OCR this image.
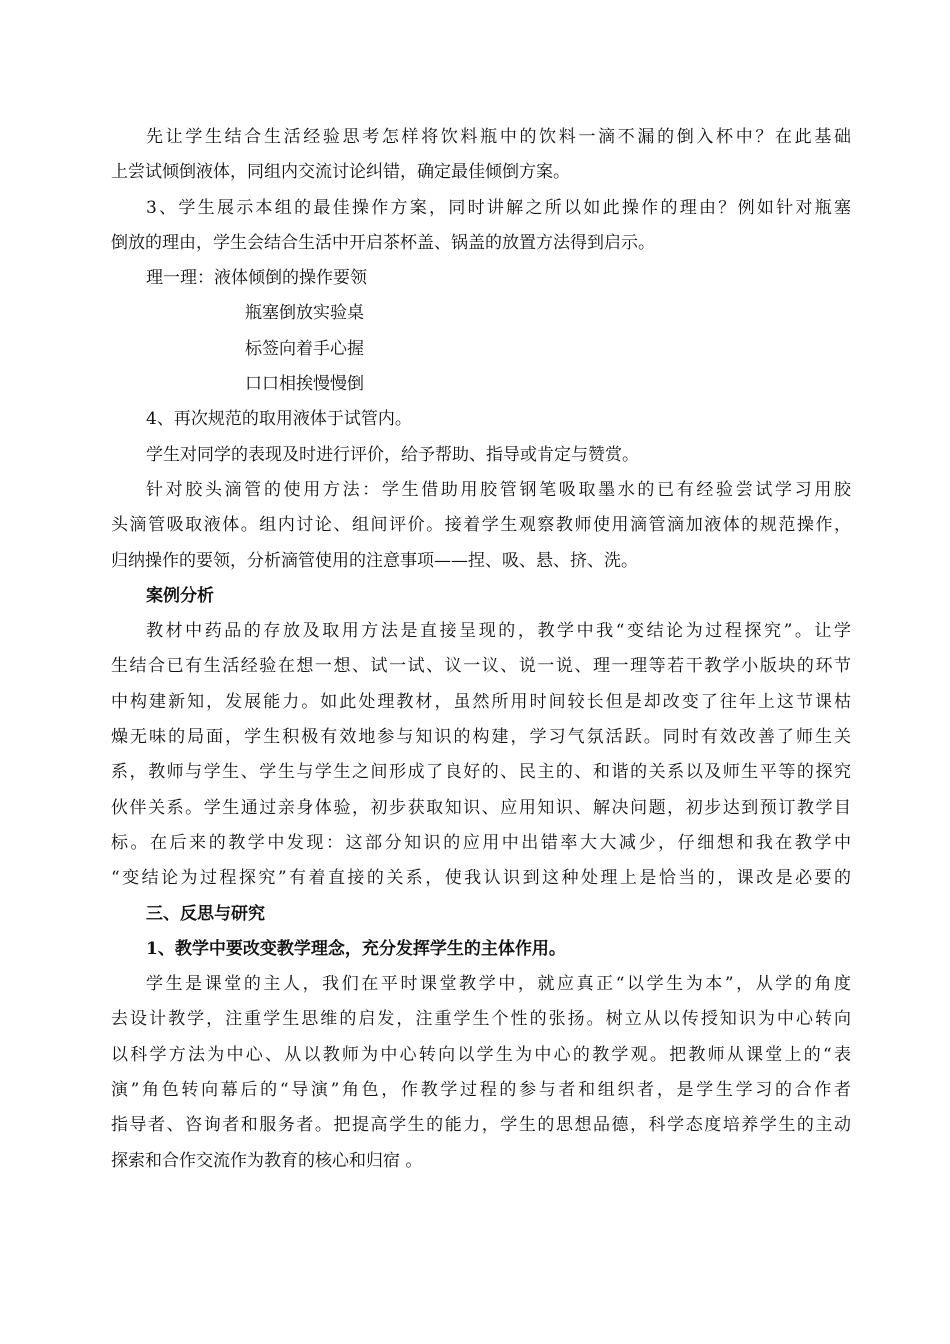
先让学生结合生活经验思考怎样将饮料瓶中的饮料一滴不漏的倒入杯中？在此基础
上尝试倾倒液体，同组内交流讨论纠错，确定最佳倾倒方案。
3、学生展示本组的最佳操作方案，同时讲解之所以如此操作的理由？例如针对瓶塞
倒放的理由，学生会结合生活中开启茶杯盖、锅盖的放置方法得到启示。
理一理：液体倾倒的操作要领
瓶塞倒放实验桌
标签向着手心握
口口相挨慢慢倒
4、再次规范的取用液体于试管内。
学生对同学的表现及时进行评价，给予帮助、指导或肯定与赞赏。
针对胶头滴管的使用方法：学生借助用胶管钢笔吸取墨水的已有经验尝试学习用胶
头滴管吸取液体。组内讨论、组间评价。接着学生观察教师使用滴管滴加液体的规范操作，
归纳操作的要领，分析滴管使用的注意事项——捏、吸、悬、挤、洗。
案例分析
教材中药品的存放及取用方法是直接呈现的，教学中我“变结论为过程探究”。让学
生结合已有生活经验在想一想、试一试、议一议、说一说、理一理等若干教学小版块的环节
中构建新知，发展能力。如此处理教材，虽然所用时间较长但是却改变了往年上这节课枯
燥无味的局面，学生积极有效地参与知识的构建，学习气氛活跃。同时有效改善了师生关
系，教师与学生、学生与学生之间形成了良好的、民主的、和谐的关系以及师生平等的探究
伙伴关系。学生通过亲身体验，初步获取知识、应用知识、解决问题，初步达到预订教学目
标。在后来的教学中发现：这部分知识的应用中出错率大大减少，仔细想和我在教学中
“变结论为过程探究”有着直接的关系，使我认识到这种处理上是恰当的，课改是必要的
三、反思与研究
1、教学中要改变教学理念，充分发挥学生的主体作用。
学生是课堂的主人，我们在平时课堂教学中，就应真正“以学生为本”，从学的角度
去设计教学，注重学生思维的启发，注重学生个性的张扬。树立从以传授知识为中心转向
以科学方法为中心、从以教师为中心转向以学生为中心的教学观。把教师从课堂上的“表
演”角色转向幕后的“导演”角色，作教学过程的参与者和组织者，是学生学习的合作者
指导者、咨询者和服务者。把提高学生的能力，学生的思想品德，科学态度培养学生的主动
探索和合作交流作为教育的核心和归宿 。
